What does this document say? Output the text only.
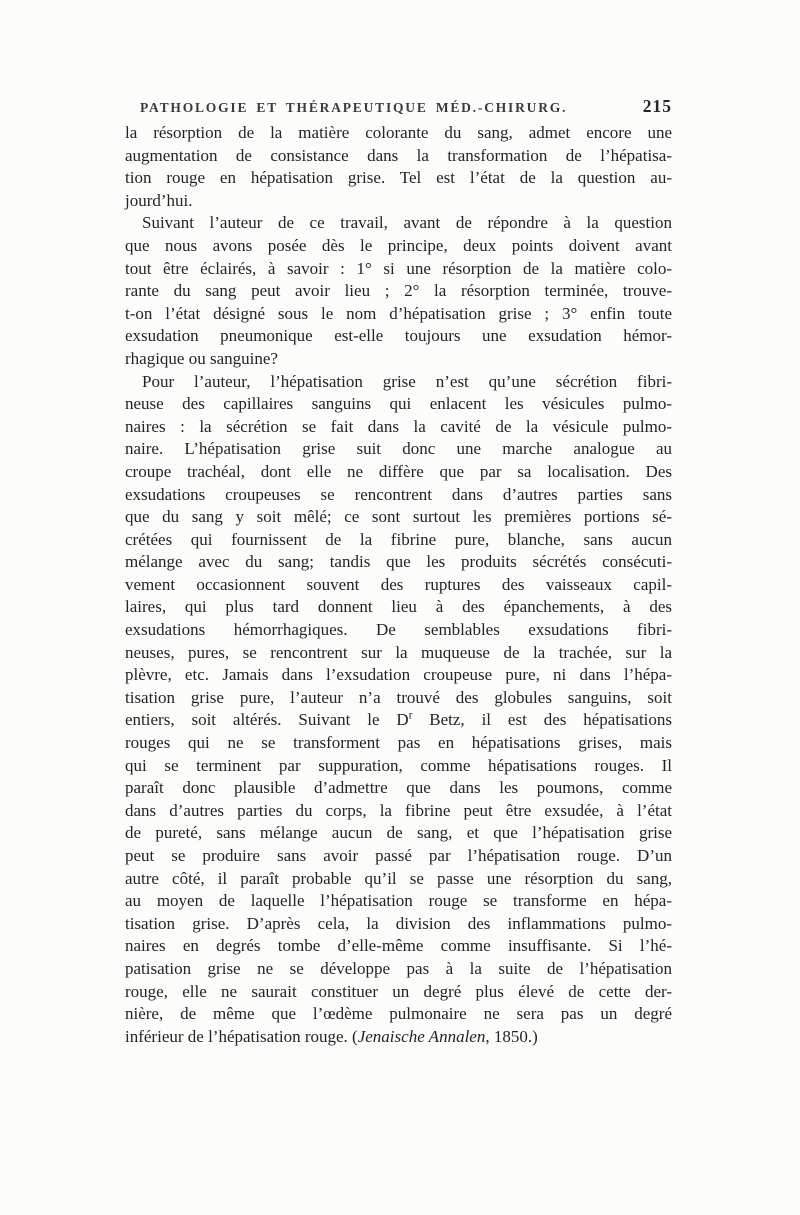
PATHOLOGIE ET THÉRAPEUTIQUE MÉD.-CHIRURG.	215
la résorption de la matière colorante du sang, admet encore une
augmentation de consistance dans la transformation de l’hépatisa-
tion rouge en hépatisation grise. Tel est l’état de la question au-
jourd’hui.
Suivant l’auteur de ce travail, avant de répondre à la question
que nous avons posée dès le principe, deux points doivent avant
tout être éclairés, à savoir : 1° si une résorption de la matière colo-
rante du sang peut avoir lieu ; 2° la résorption terminée, trouve-
t-on l’état désigné sous le nom d’hépatisation grise ; 3° enfin toute
exsudation pneumonique est-elle toujours une exsudation hémor-
rhagique ou sanguine?
Pour l’auteur, l’hépatisation grise n’est qu’une sécrétion fibri-
neuse des capillaires sanguins qui enlacent les vésicules pulmo-
naires : la sécrétion se fait dans la cavité de la vésicule pulmo-
naire. L’hépatisation grise suit donc une marche analogue au
croupe trachéal, dont elle ne diffère que par sa localisation. Des
exsudations croupeuses se rencontrent dans d’autres parties sans
que du sang y soit mêlé; ce sont surtout les premières portions sé-
crétées qui fournissent de la fibrine pure, blanche, sans aucun
mélange avec du sang; tandis que les produits sécrétés consécuti-
vement occasionnent souvent des ruptures des vaisseaux capil-
laires, qui plus tard donnent lieu à des épanchements, à des
exsudations hémorrhagiques. De semblables exsudations fibri-
neuses, pures, se rencontrent sur la muqueuse de la trachée, sur la
plèvre, etc. Jamais dans l’exsudation croupeuse pure, ni dans l’hépa-
tisation grise pure, l’auteur n’a trouvé des globules sanguins, soit
entiers, soit altérés. Suivant le $D^r$ Betz, il est des hépatisations
rouges qui ne se transforment pas en hépatisations grises, mais
qui se terminent par suppuration, comme hépatisations rouges. Il
paraît donc plausible d’admettre que dans les poumons, comme
dans d’autres parties du corps, la fibrine peut être exsudée, à l’état
de pureté, sans mélange aucun de sang, et que l’hépatisation grise
peut se produire sans avoir passé par l’hépatisation rouge. D’un
autre côté, il paraît probable qu’il se passe une résorption du sang,
au moyen de laquelle l’hépatisation rouge se transforme en hépa-
tisation grise. D’après cela, la division des inflammations pulmo-
naires en degrés tombe d’elle-même comme insuffisante. Si l’hé-
patisation grise ne se développe pas à la suite de l’hépatisation
rouge, elle ne saurait constituer un degré plus élevé de cette der-
nière, de même que l’œdème pulmonaire ne sera pas un degré
inférieur de l’hépatisation rouge. (Jenaische Annalen, 1850.)
